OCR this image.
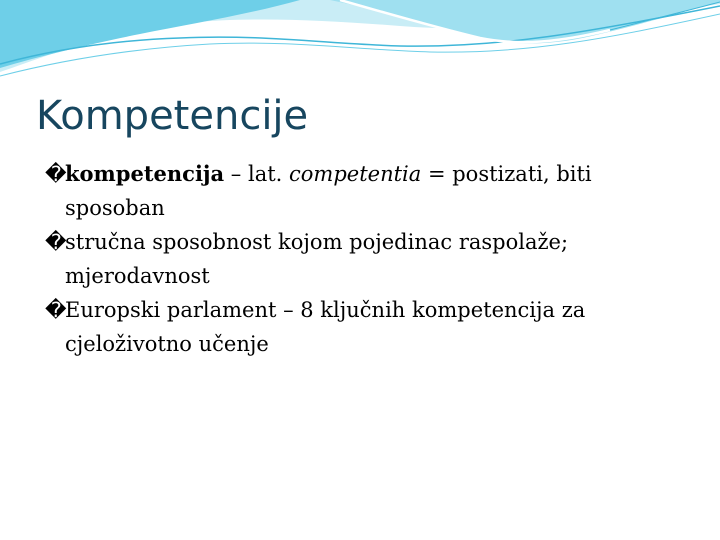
Kompetencije
�
kompetencija – lat. competentia = postizati, biti sposoban
�
stručna sposobnost kojom pojedinac raspolaže; mjerodavnost
�
Europski parlament – 8 ključnih kompetencija za cjeloživotno učenje
